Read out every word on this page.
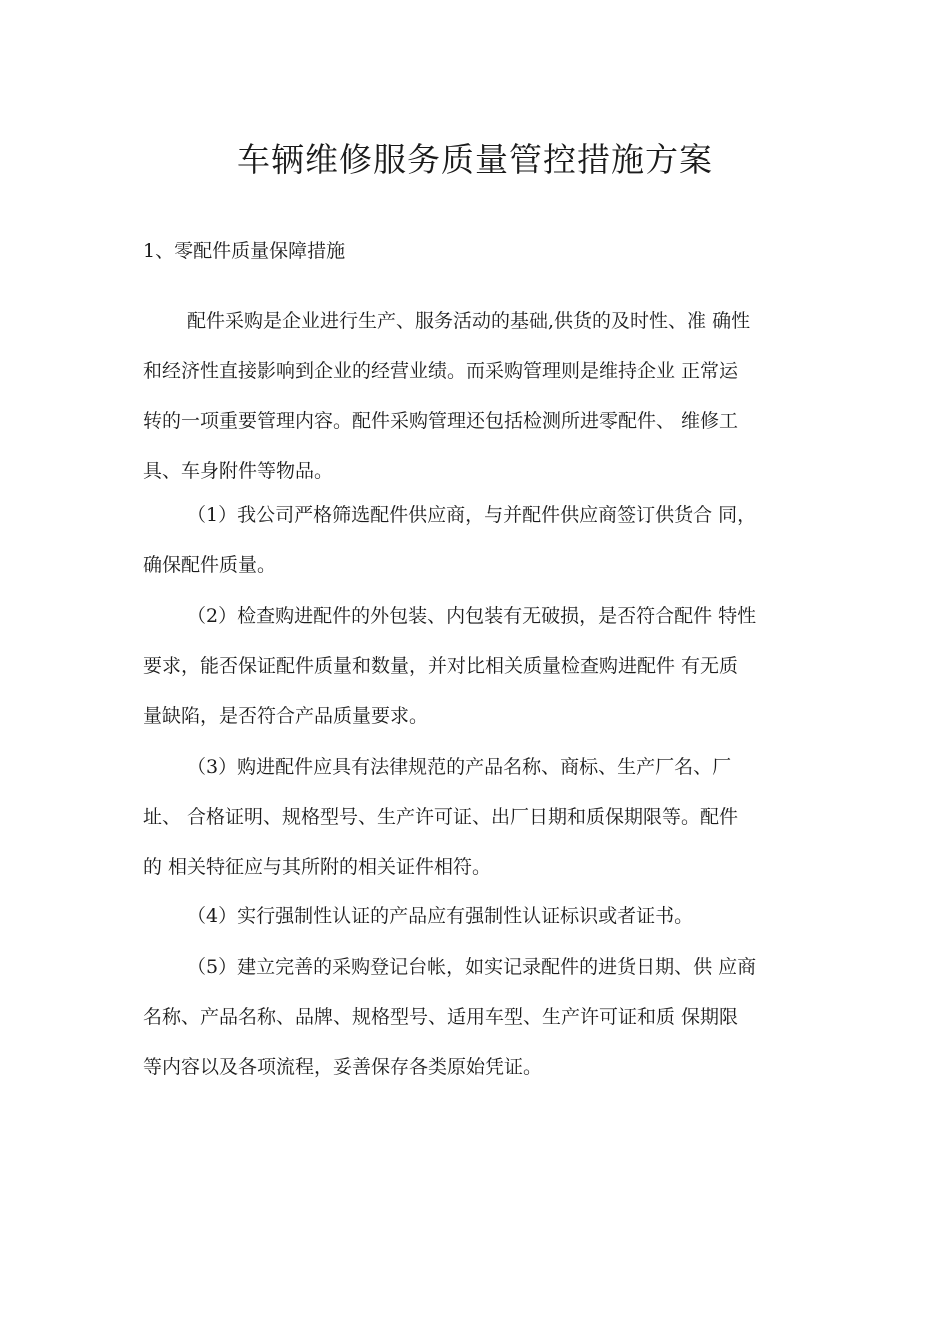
车辆维修服务质量管控措施方案
1、零配件质量保障措施
配件采购是企业进行生产、服务活动的基础,供货的及时性、准 确性
和经济性直接影响到企业的经营业绩。而采购管理则是维持企业 正常运
转的一项重要管理内容。配件采购管理还包括检测所进零配件、 维修工
具、车身附件等物品。
（1）我公司严格筛选配件供应商，与并配件供应商签订供货合 同，
确保配件质量。
（2）检查购进配件的外包装、内包装有无破损，是否符合配件 特性
要求，能否保证配件质量和数量，并对比相关质量检查购进配件 有无质
量缺陷，是否符合产品质量要求。
（3）购进配件应具有法律规范的产品名称、商标、生产厂名、厂
址、 合格证明、规格型号、生产许可证、出厂日期和质保期限等。配件
的 相关特征应与其所附的相关证件相符。
（4）实行强制性认证的产品应有强制性认证标识或者证书。
（5）建立完善的采购登记台帐，如实记录配件的进货日期、供 应商
名称、产品名称、品牌、规格型号、适用车型、生产许可证和质 保期限
等内容以及各项流程，妥善保存各类原始凭证。
